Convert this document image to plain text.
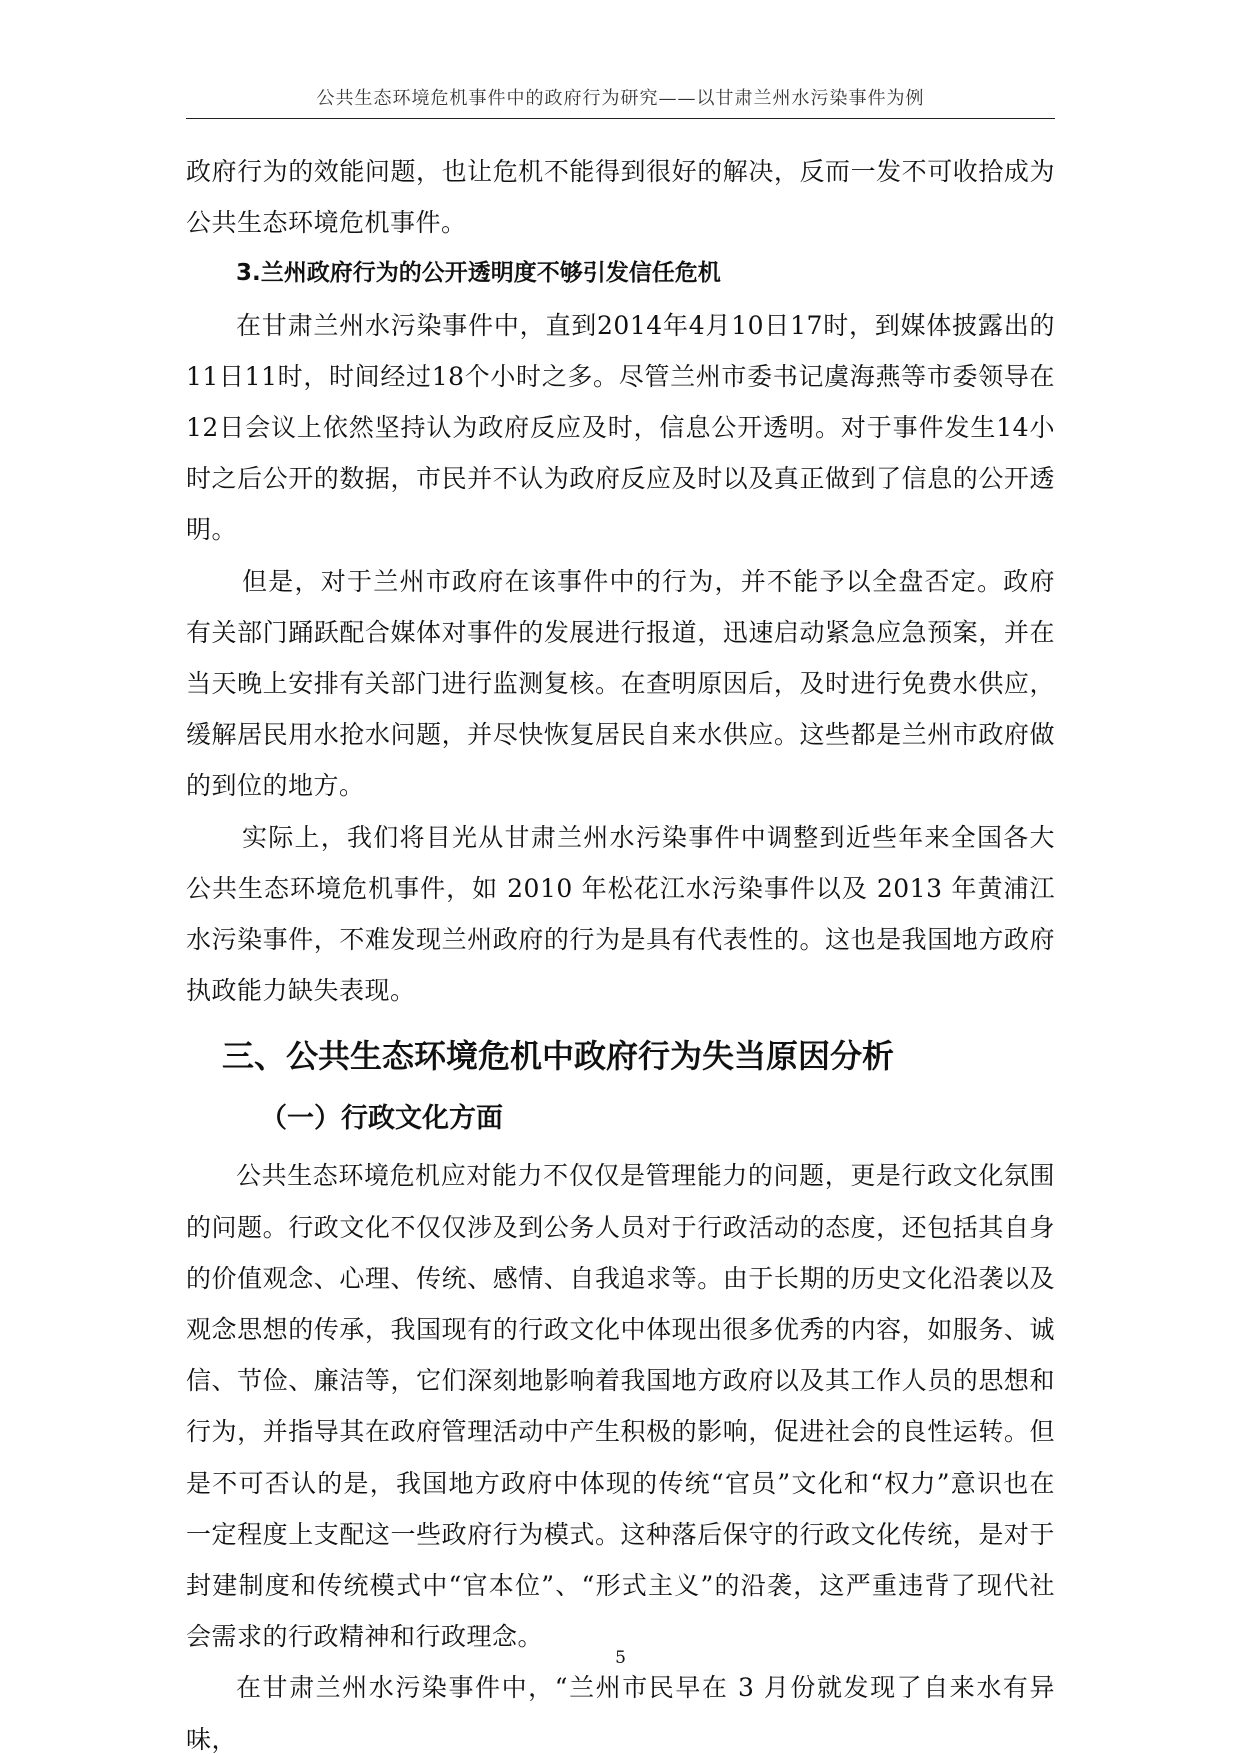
公共生态环境危机事件中的政府行为研究——以甘肃兰州水污染事件为例

政府行为的效能问题，也让危机不能得到很好的解决，反而一发不可收拾成为公共生态环境危机事件。

3.兰州政府行为的公开透明度不够引发信任危机

在甘肃兰州水污染事件中，直到2014年4月10日17时，到媒体披露出的11日11时，时间经过18个小时之多。尽管兰州市委书记虞海燕等市委领导在12日会议上依然坚持认为政府反应及时，信息公开透明。对于事件发生14小时之后公开的数据，市民并不认为政府反应及时以及真正做到了信息的公开透明。

但是，对于兰州市政府在该事件中的行为，并不能予以全盘否定。政府有关部门踊跃配合媒体对事件的发展进行报道，迅速启动紧急应急预案，并在当天晚上安排有关部门进行监测复核。在查明原因后，及时进行免费水供应，缓解居民用水抢水问题，并尽快恢复居民自来水供应。这些都是兰州市政府做的到位的地方。

实际上，我们将目光从甘肃兰州水污染事件中调整到近些年来全国各大公共生态环境危机事件，如 2010 年松花江水污染事件以及 2013 年黄浦江水污染事件，不难发现兰州政府的行为是具有代表性的。这也是我国地方政府执政能力缺失表现。

三、公共生态环境危机中政府行为失当原因分析
（一）行政文化方面

公共生态环境危机应对能力不仅仅是管理能力的问题，更是行政文化氛围的问题。行政文化不仅仅涉及到公务人员对于行政活动的态度，还包括其自身的价值观念、心理、传统、感情、自我追求等。由于长期的历史文化沿袭以及观念思想的传承，我国现有的行政文化中体现出很多优秀的内容，如服务、诚信、节俭、廉洁等，它们深刻地影响着我国地方政府以及其工作人员的思想和行为，并指导其在政府管理活动中产生积极的影响，促进社会的良性运转。但是不可否认的是，我国地方政府中体现的传统“官员”文化和“权力”意识也在一定程度上支配这一些政府行为模式。这种落后保守的行政文化传统，是对于封建制度和传统模式中“官本位”、“形式主义”的沿袭，这严重违背了现代社会需求的行政精神和行政理念。

在甘肃兰州水污染事件中，“兰州市民早在 3 月份就发现了自来水有异味，

5
